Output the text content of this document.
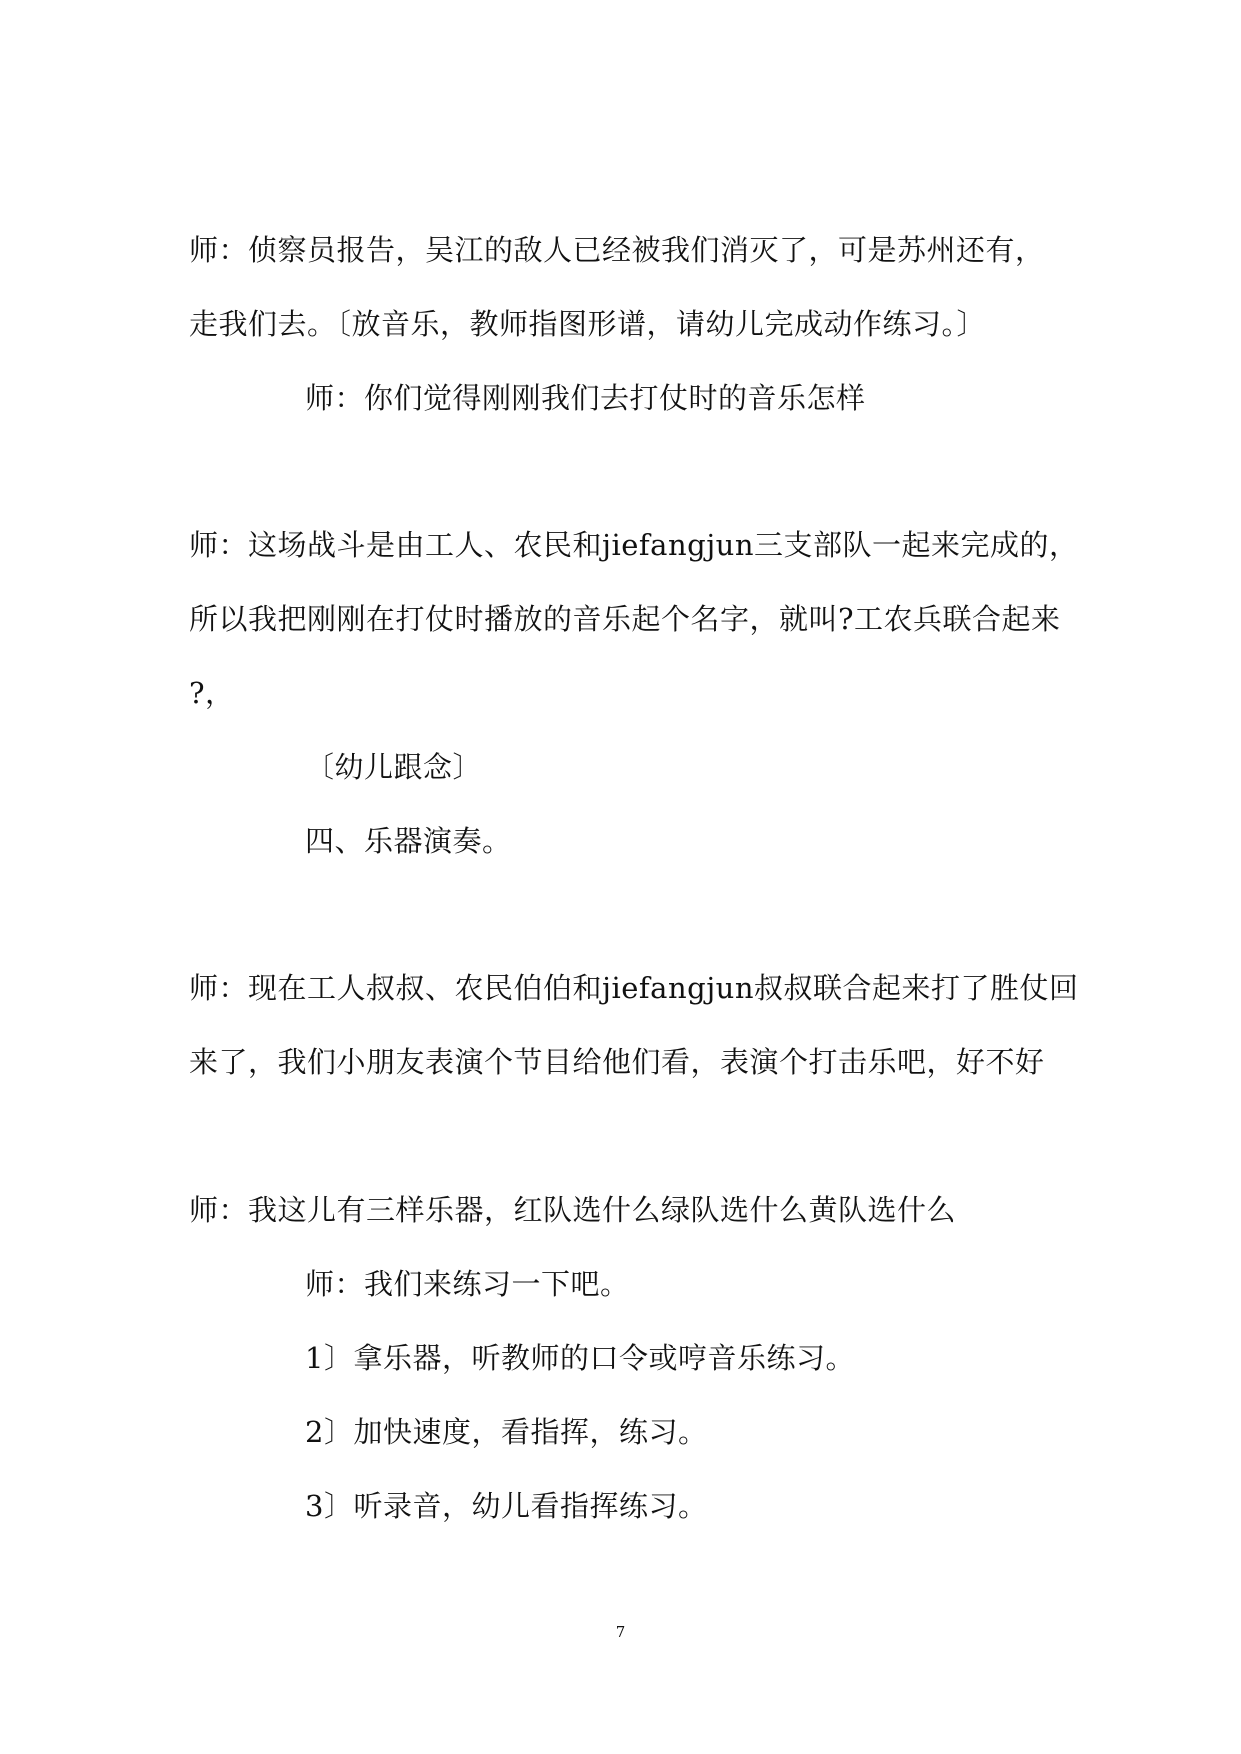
师：侦察员报告，吴江的敌人已经被我们消灭了，可是苏州还有，
走我们去。〔放音乐，教师指图形谱，请幼儿完成动作练习。〕
师：你们觉得刚刚我们去打仗时的音乐怎样
师：这场战斗是由工人、农民和jiefangjun三支部队一起来完成的，
所以我把刚刚在打仗时播放的音乐起个名字，就叫?工农兵联合起来
?，
〔幼儿跟念〕
四、乐器演奏。
师：现在工人叔叔、农民伯伯和jiefangjun叔叔联合起来打了胜仗回
来了，我们小朋友表演个节目给他们看，表演个打击乐吧，好不好
师：我这儿有三样乐器，红队选什么绿队选什么黄队选什么
师：我们来练习一下吧。
1〕拿乐器，听教师的口令或哼音乐练习。
2〕加快速度，看指挥，练习。
3〕听录音，幼儿看指挥练习。
7
